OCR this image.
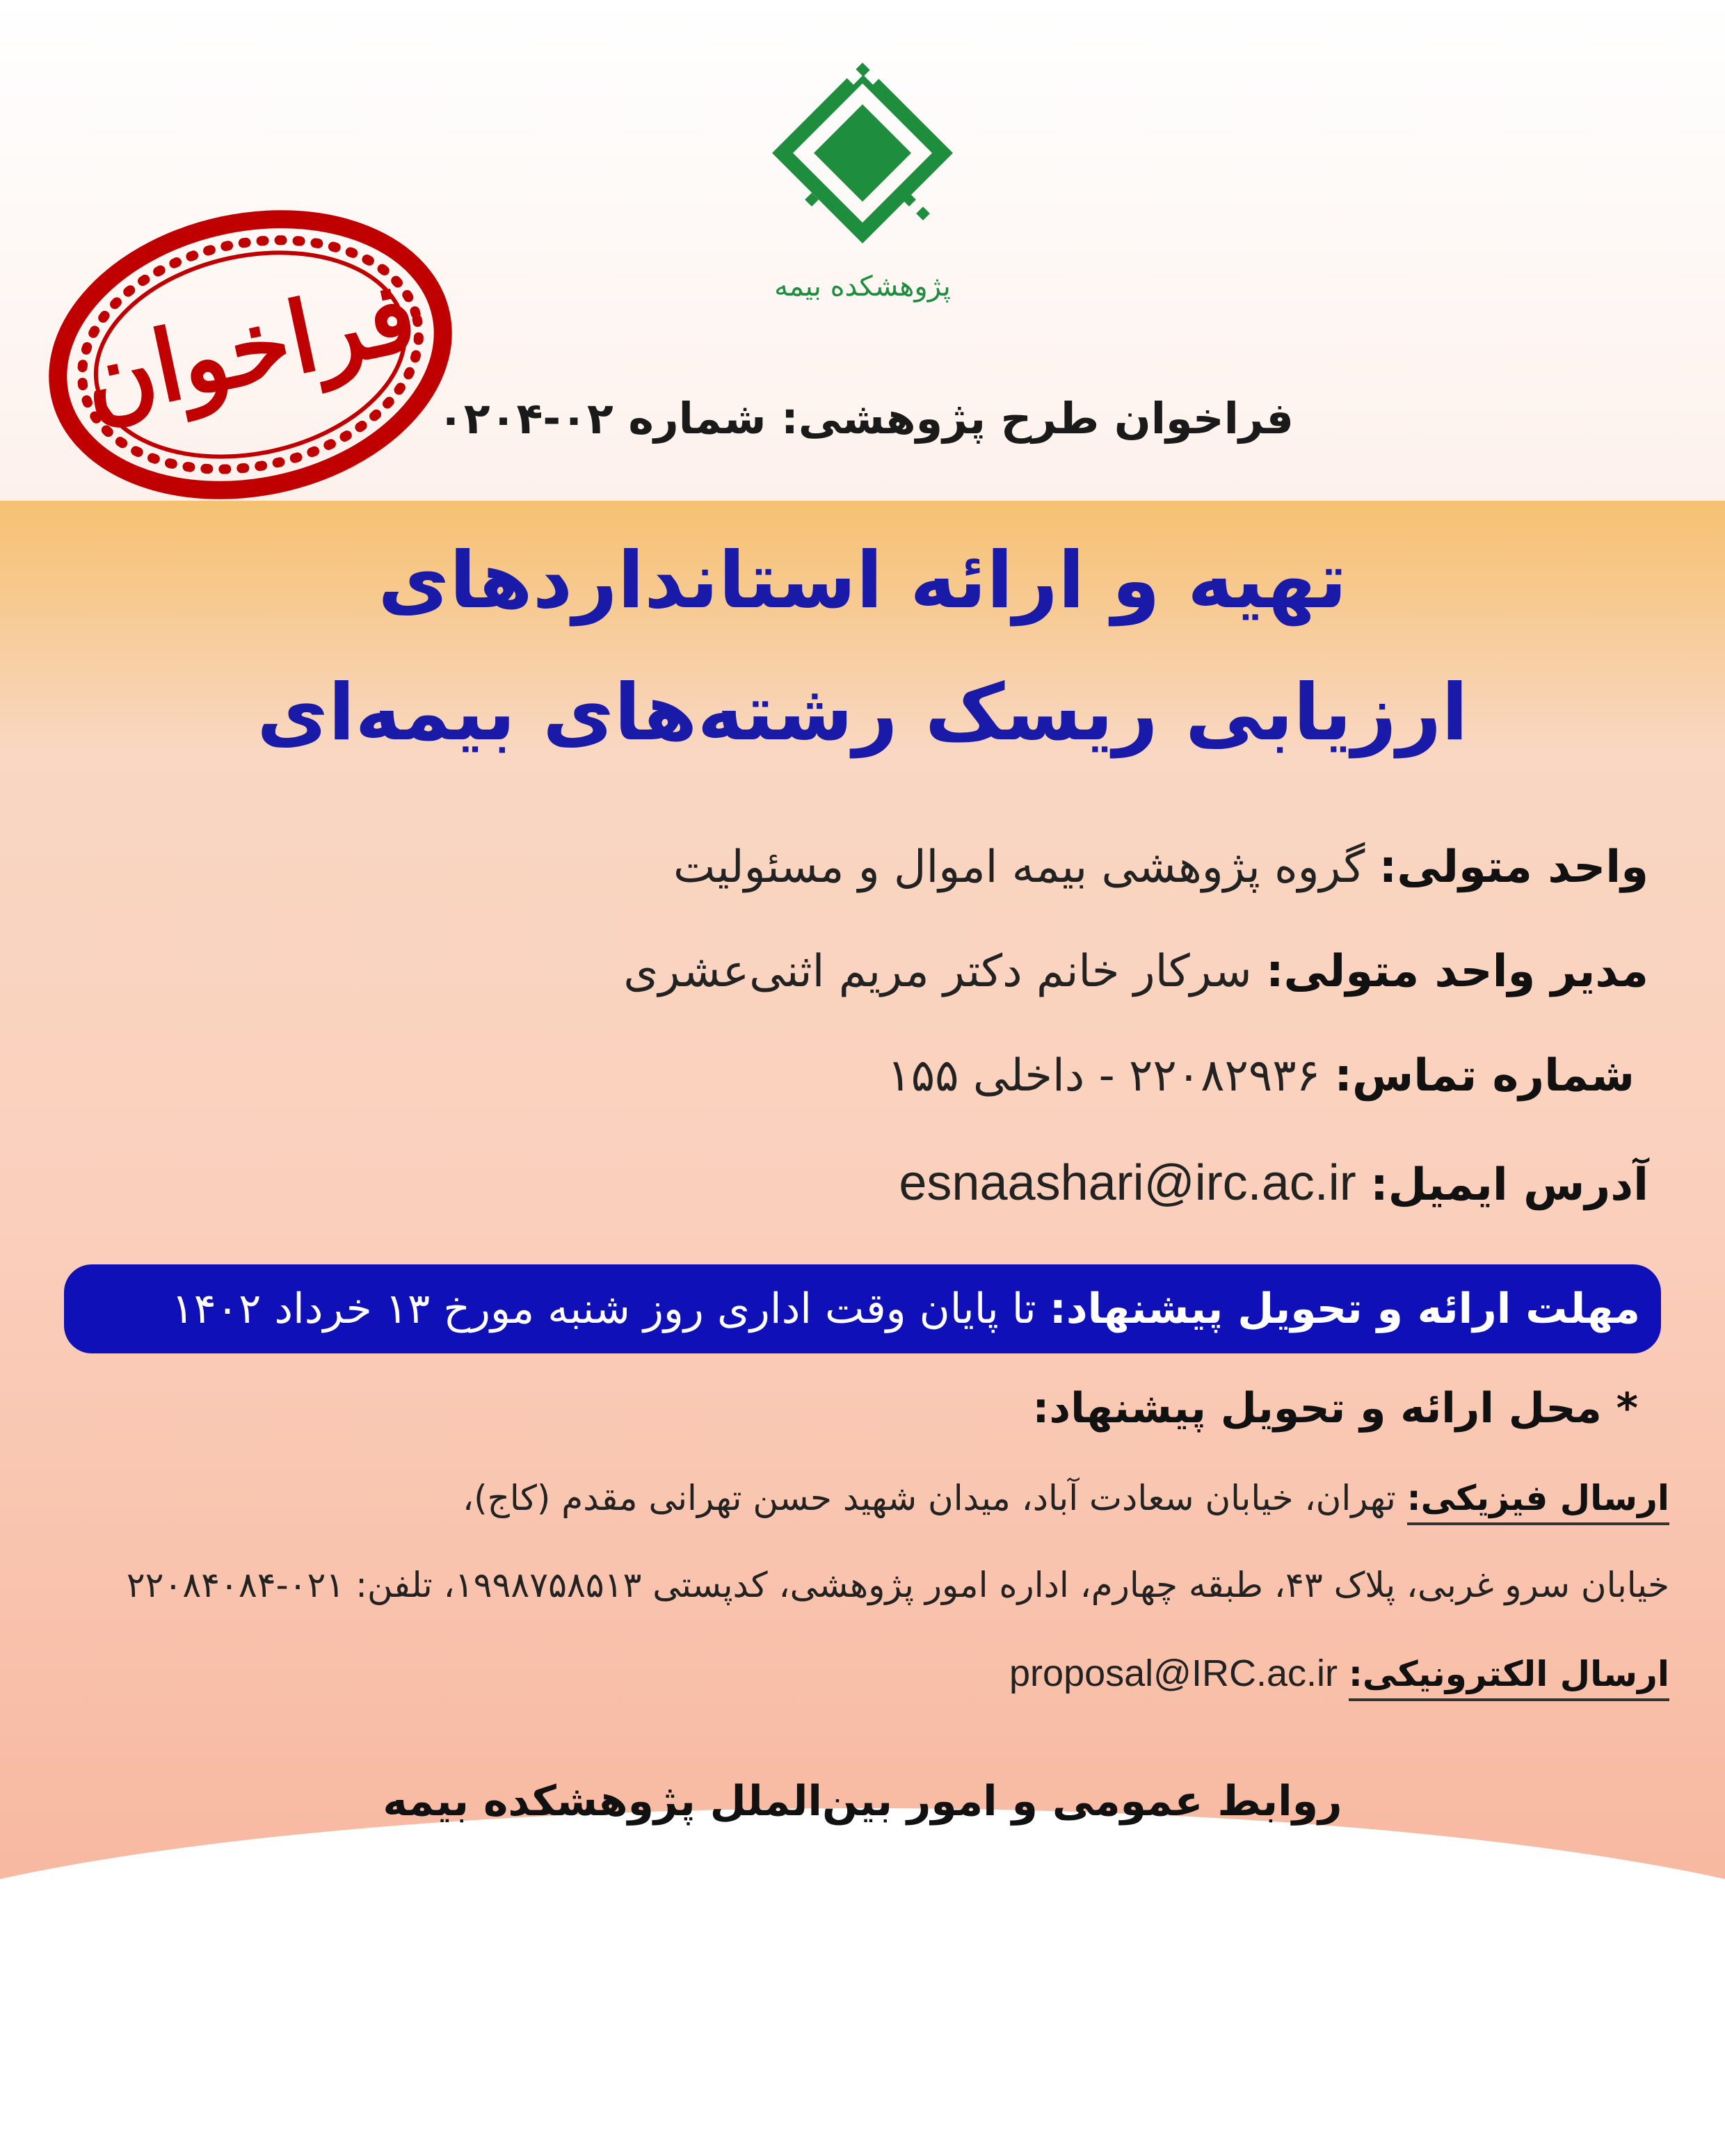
پژوهشکده بیمه
فراخوان فراخوان طرح پژوهشی: شماره ۰۲-۰۲۰۴
تهیه و ارائه استانداردهای
ارزیابی ریسک رشته‌های بیمه‌ای
واحد متولی: گروه پژوهشی بیمه اموال و مسئولیت
مدیر واحد متولی: سرکار خانم دکتر مریم اثنی‌عشری
شماره تماس: ۲۲۰۸۲۹۳۶ - داخلی ۱۵۵
آدرس ایمیل: esnaashari@irc.ac.ir
مهلت ارائه و تحویل پیشنهاد: تا پایان وقت اداری روز شنبه مورخ ۱۳ خرداد ۱۴۰۲
* محل ارائه و تحویل پیشنهاد:
ارسال فیزیکی: تهران، خیابان سعادت آباد، میدان شهید حسن تهرانی مقدم (کاج)،
خیابان سرو غربی، پلاک ۴۳، طبقه چهارم، اداره امور پژوهشی، کدپستی ۱۹۹۸۷۵۸۵۱۳، تلفن: ۰۲۱-۲۲۰۸۴۰۸۴
ارسال الکترونیکی: proposal@IRC.ac.ir
روابط عمومی و امور بین‌الملل پژوهشکده بیمه
